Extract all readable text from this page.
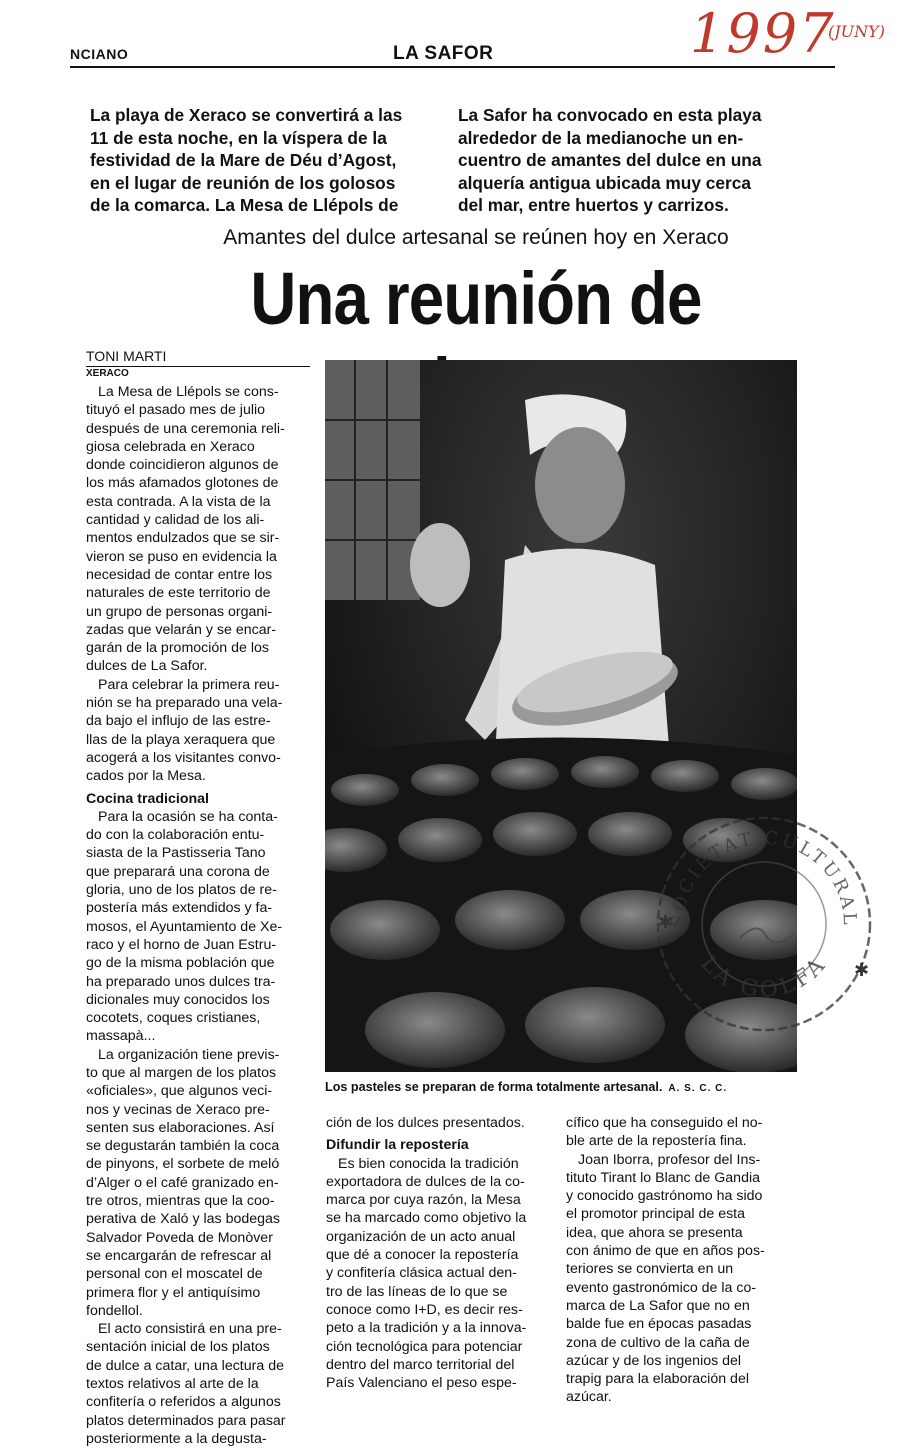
NCIANO	LA SAFOR	1997
(JUNY)
La playa de Xeraco se convertirá a las
11 de esta noche, en la víspera de la
festividad de la Mare de Déu d’Agost,
en el lugar de reunión de los golosos
de la comarca. La Mesa de Llépols de
La Safor ha convocado en esta playa
alrededor de la medianoche un en-
cuentro de amantes del dulce en una
alquería antigua ubicada muy cerca
del mar, entre huertos y carrizos.
Amantes del dulce artesanal se reúnen hoy en Xeraco
Una reunión de
TONI MARTI
XERACO
La Mesa de Llépols se cons-
tituyó el pasado mes de julio
después de una ceremonia reli-
giosa celebrada en Xeraco
donde coincidieron algunos de
los más afamados glotones de
esta contrada. A la vista de la
cantidad y calidad de los ali-
mentos endulzados que se sir-
vieron se puso en evidencia la
necesidad de contar entre los
naturales de este territorio de
un grupo de personas organi-
zadas que velarán y se encar-
garán de la promoción de los
dulces de La Safor.
Para celebrar la primera reu-
nión se ha preparado una vela-
da bajo el influjo de las estre-
llas de la playa xeraquera que
acogerá a los visitantes convo-
cados por la Mesa.
Cocina tradicional
Para la ocasión se ha conta-
do con la colaboración entu-
siasta de la Pastisseria Tano
que preparará una corona de
gloria, uno de los platos de re-
postería más extendidos y fa-
mosos, el Ayuntamiento de Xe-
raco y el horno de Juan Estru-
go de la misma población que
ha preparado unos dulces tra-
dicionales muy conocidos los
cocotets, coques cristianes,
massapà...
La organización tiene previs-
to que al margen de los platos
«oficiales», que algunos veci-
nos y vecinas de Xeraco pre-
senten sus elaboraciones. Así
se degustarán también la coca
de pinyons, el sorbete de meló
d’Alger o el café granizado en-
tre otros, mientras que la coo-
perativa de Xaló y las bodegas
Salvador Poveda de Monòver
se encargarán de refrescar al
personal con el moscatel de
primera flor y el antiquísimo
fondellol.
El acto consistirá en una pre-
sentación inicial de los platos
de dulce a catar, una lectura de
textos relativos al arte de la
confitería o referidos a algunos
platos determinados para pasar
posteriormente a la degusta-
ción de los dulces presentados.
Difundir la repostería
Es bien conocida la tradición
exportadora de dulces de la co-
marca por cuya razón, la Mesa
se ha marcado como objetivo la
organización de un acto anual
que dé a conocer la repostería
y confitería clásica actual den-
tro de las líneas de lo que se
conoce como I+D, es decir res-
peto a la tradición y a la innova-
ción tecnológica para potenciar
dentro del marco territorial del
País Valenciano el peso espe-
cífico que ha conseguido el no-
ble arte de la repostería fina.
Joan Iborra, profesor del Ins-
tituto Tirant lo Blanc de Gandia
y conocido gastrónomo ha sido
el promotor principal de esta
idea, que ahora se presenta
con ánimo de que en años pos-
teriores se convierta en un
evento gastronómico de la co-
marca de La Safor que no en
balde fue en épocas pasadas
zona de cultivo de la caña de
azúcar y de los ingenios del
trapig para la elaboración del
azúcar.
Los pasteles se preparan de forma totalmente artesanal. A. S. C. C.
SOCIETAT CULTURAL
LA GOLFA
✱
✱
